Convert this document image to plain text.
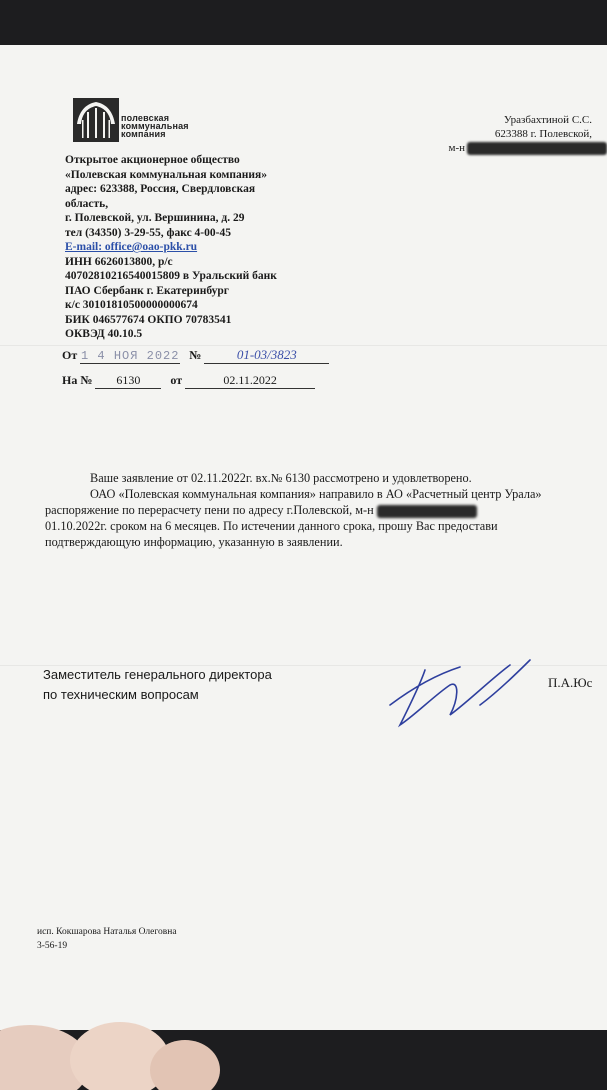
полевская
коммунальная
компания
Уразбахтиной С.С.
623388 г. Полевской,
м-н
Открытое акционерное общество
«Полевская коммунальная компания»
адрес: 623388, Россия, Свердловская
область,
г. Полевской, ул. Вершинина, д. 29
тел (34350) 3-29-55, факс 4-00-45
E-mail: office@oao-pkk.ru
ИНН 6626013800, р/с
40702810216540015809 в Уральский банк
ПАО Сбербанк г. Екатеринбург
к/с 30101810500000000674
БИК 046577674 ОКПО 70783541
ОКВЭД 40.10.5
От 1 4 НОЯ 2022 №	01-03/3823
На № 6130	от	02.11.2022

Ваше заявление от 02.11.2022г. вх.№ 6130 рассмотрено и удовлетворено.

ОАО «Полевская коммунальная компания» направило в АО «Расчетный центр Урала»

распоряжение по перерасчету пени по адресу г.Полевской, м-н

01.10.2022г. сроком на 6 месяцев. По истечении данного срока, прошу Вас предостави

подтверждающую информацию, указанную в заявлении.

Заместитель генерального директора
по техническим вопросам
П.А.Юс
исп. Кокшарова Наталья Олеговна
3-56-19
